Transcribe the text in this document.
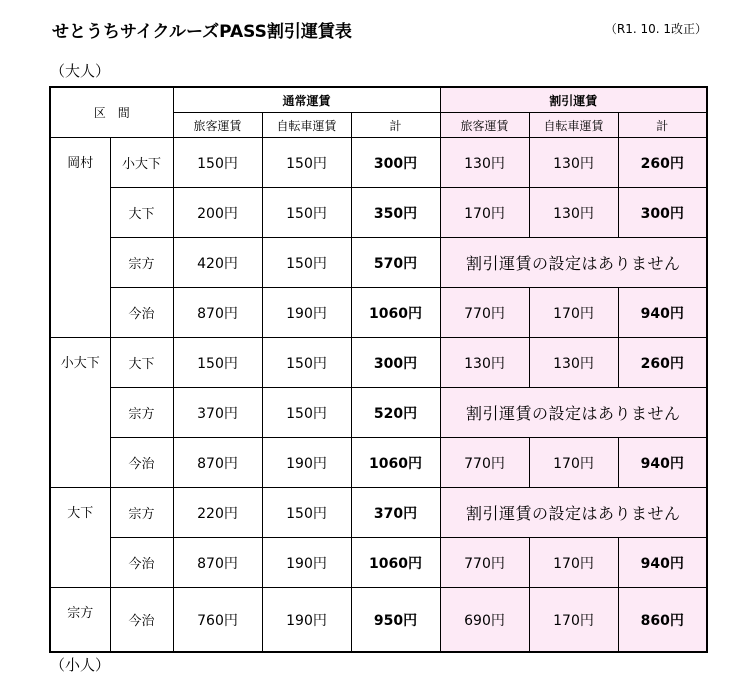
せとうちサイクルーズPASS割引運賃表	（R1. 10. 1改正）
（大人）
区　間		通常運賃			割引運賃		
		旅客運賃	自転車運賃	計	旅客運賃	自転車運賃	計
岡村	小大下	150円	150円	300円	130円	130円	260円
	大下	200円	150円	350円	170円	130円	300円
	宗方	420円	150円	570円	割引運賃の設定はありません		
	今治	870円	190円	1060円	770円	170円	940円
小大下	大下	150円	150円	300円	130円	130円	260円
	宗方	370円	150円	520円	割引運賃の設定はありません		
	今治	870円	190円	1060円	770円	170円	940円
大下	宗方	220円	150円	370円	割引運賃の設定はありません		
	今治	870円	190円	1060円	770円	170円	940円
宗方	今治	760円	190円	950円	690円	170円	860円
（小人）
